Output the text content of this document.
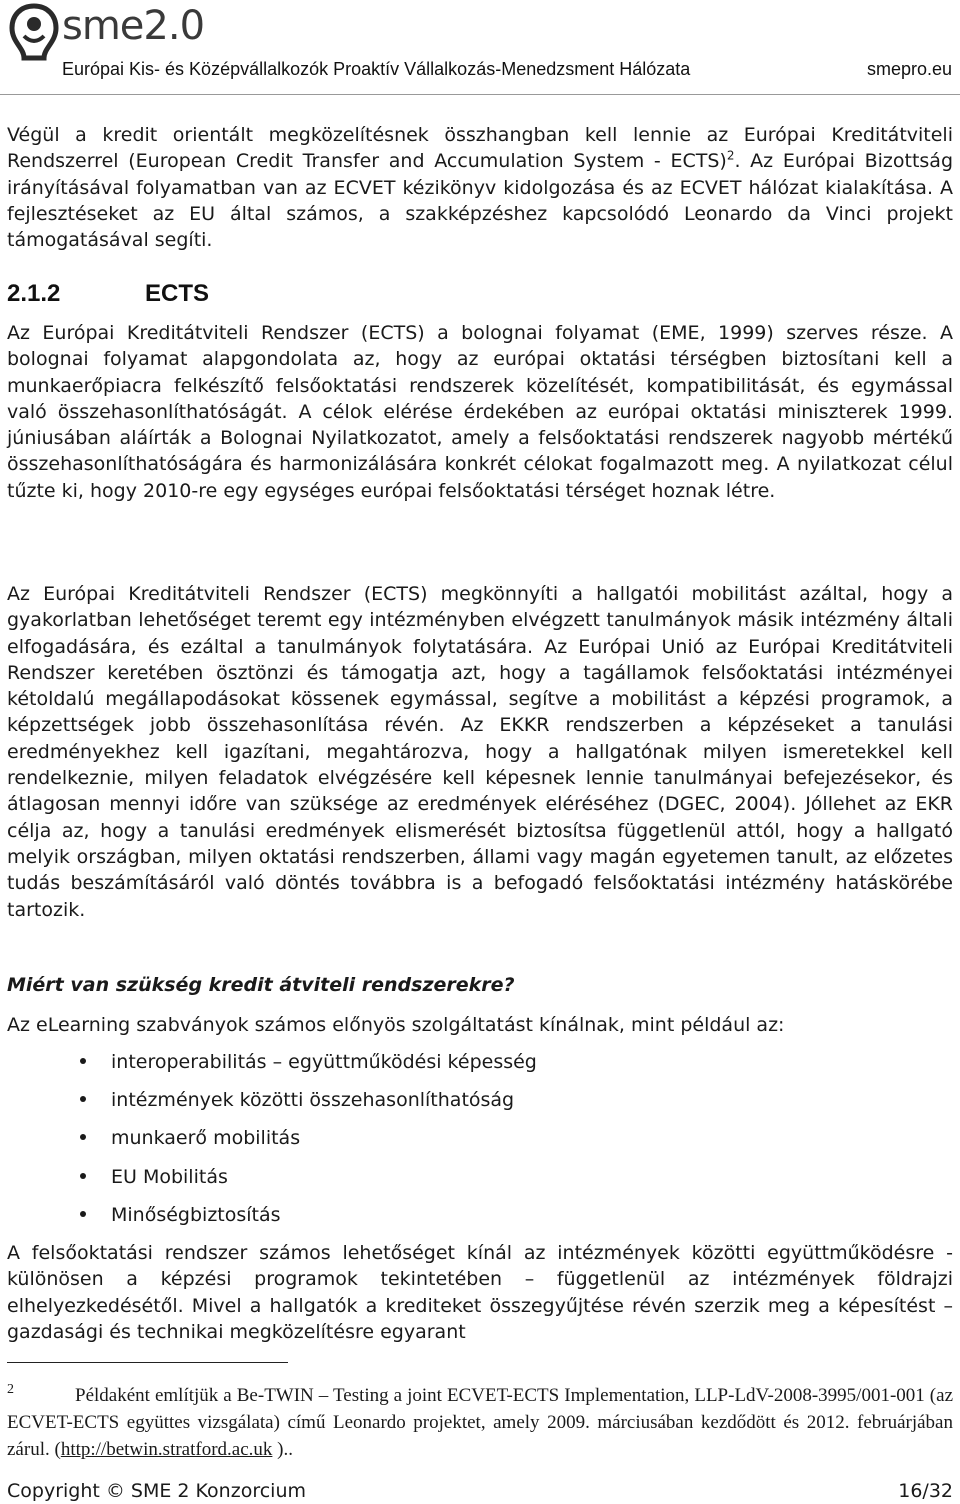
sme2.0
Európai Kis- és Középvállalkozók Proaktív Vállalkozás-Menedzsment Hálózata	smepro.eu

Végül a kredit orientált megközelítésnek összhangban kell lennie az Európai Kreditátviteli Rendszerrel (European Credit Transfer and Accumulation System - ECTS)$^2$. Az Európai Bizottság irányításával folyamatban van az ECVET kézikönyv kidolgozása és az ECVET hálózat kialakítása. A fejlesztéseket az EU által számos, a szakképzéshez kapcsolódó Leonardo da Vinci projekt támogatásával segíti.

2.1.2	ECTS

Az Európai Kreditátviteli Rendszer (ECTS) a bolognai folyamat (EME, 1999) szerves része. A bolognai folyamat alapgondolata az, hogy az európai oktatási térségben biztosítani kell a munkaerőpiacra felkészítő felsőoktatási rendszerek közelítését, kompatibilitását, és egymással való összehasonlíthatóságát. A célok elérése érdekében az európai oktatási miniszterek 1999. júniusában aláírták a Bolognai Nyilatkozatot, amely a felsőoktatási rendszerek nagyobb mértékű összehasonlíthatóságára és harmonizálására konkrét célokat fogalmazott meg. A nyilatkozat célul tűzte ki, hogy 2010-re egy egységes európai felsőoktatási térséget hoznak létre.

Az Európai Kreditátviteli Rendszer (ECTS) megkönnyíti a hallgatói mobilitást azáltal, hogy a gyakorlatban lehetőséget teremt egy intézményben elvégzett tanulmányok másik intézmény általi elfogadására, és ezáltal a tanulmányok folytatására. Az Európai Unió az Európai Kreditátviteli Rendszer keretében ösztönzi és támogatja azt, hogy a tagállamok felsőoktatási intézményei kétoldalú megállapodásokat kössenek egymással, segítve a mobilitást a képzési programok, a képzettségek jobb összehasonlítása révén. Az EKKR rendszerben a képzéseket a tanulási eredményekhez kell igazítani, megahtározva, hogy a hallgatónak milyen ismeretekkel kell rendelkeznie, milyen feladatok elvégzésére kell képesnek lennie tanulmányai befejezésekor, és átlagosan mennyi időre van szüksége az eredmények eléréséhez (DGEC, 2004). Jóllehet az EKR célja az, hogy a tanulási eredmények elismerését biztosítsa függetlenül attól, hogy a hallgató melyik országban, milyen oktatási rendszerben, állami vagy magán egyetemen tanult, az előzetes tudás beszámításáról való döntés továbbra is a befogadó felsőoktatási intézmény hatáskörébe tartozik.

Miért van szükség kredit átviteli rendszerekre?

Az eLearning szabványok számos előnyös szolgáltatást kínálnak, mint például az:

interoperabilitás – együttműködési képesség
intézmények közötti összehasonlíthatóság
munkaerő mobilitás
EU Mobilitás
Minőségbiztosítás

A felsőoktatási rendszer számos lehetőséget kínál az intézmények közötti együttműködésre - különösen a képzési programok tekintetében – függetlenül az intézmények földrajzi elhelyezkedésétől. Mivel a hallgatók a krediteket összegyűjtése révén szerzik meg a képesítést – gazdasági és technikai megközelítésre egyarant

2	Példaként említjük a Be-TWIN – Testing a joint ECVET-ECTS Implementation, LLP-LdV-2008-3995/001-001 (az ECVET-ECTS együttes vizsgálata) című Leonardo projektet, amely 2009. márciusában kezdődött és 2012. februárjában zárul. (http://betwin.stratford.ac.uk )..

Copyright © SME 2 Konzorcium	16/32
